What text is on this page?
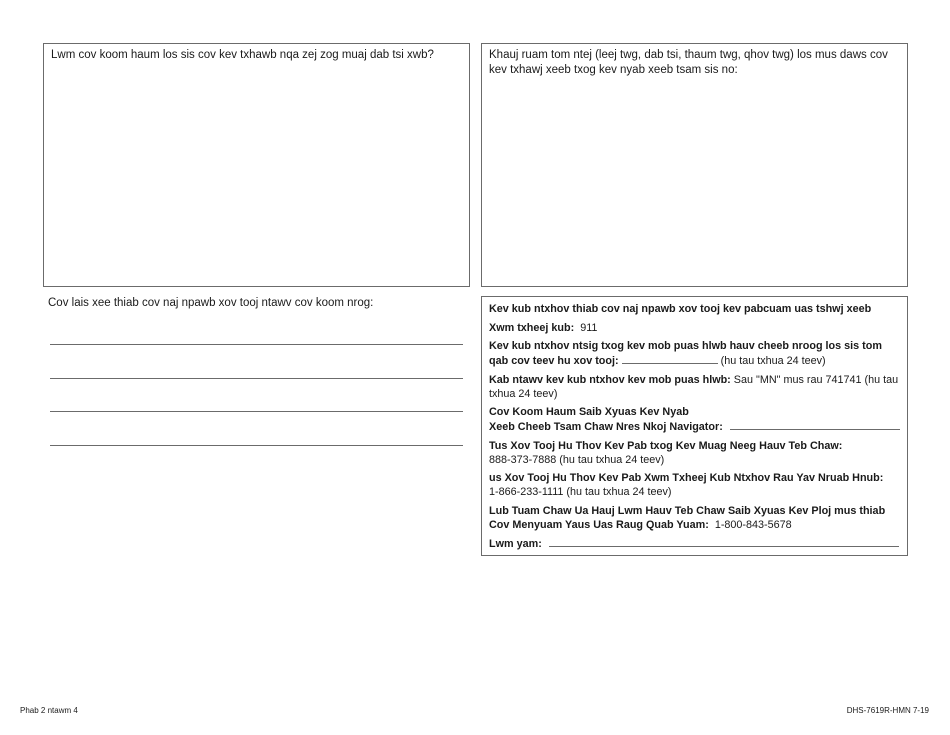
Lwm cov koom haum los sis cov kev txhawb nqa zej zog muaj dab tsi xwb?	Khauj ruam tom ntej (leej twg, dab tsi, thaum twg, qhov twg) los mus daws cov kev txhawj xeeb txog kev nyab xeeb tsam sis no:
Cov lais xee thiab cov naj npawb xov tooj ntawv cov koom nrog:	Kev kub ntxhov thiab cov naj npawb xov tooj kev pabcuam uas tshwj xeeb
Xwm txheej kub: 911
Kev kub ntxhov ntsig txog kev mob puas hlwb hauv cheeb nroog los sis tom qab cov teev hu xov tooj:	(hu tau txhua 24 teev)
Kab ntawv kev kub ntxhov kev mob puas hlwb: Sau "MN" mus rau 741741 (hu tau txhua 24 teev)
Cov Koom Haum Saib Xyuas Kev Nyab
Xeeb Cheeb Tsam Chaw Nres Nkoj Navigator:
Tus Xov Tooj Hu Thov Kev Pab txog Kev Muag Neeg Hauv Teb Chaw:
888-373-7888 (hu tau txhua 24 teev)
us Xov Tooj Hu Thov Kev Pab Xwm Txheej Kub Ntxhov Rau Yav Nruab Hnub:
1-866-233-1111 (hu tau txhua 24 teev)
Lub Tuam Chaw Ua Hauj Lwm Hauv Teb Chaw Saib Xyuas Kev Ploj mus thiab Cov Menyuam Yaus Uas Raug Quab Yuam: 1-800-843-5678
Lwm yam:
Phab 2 ntawm 4	DHS-7619R-HMN 7-19
